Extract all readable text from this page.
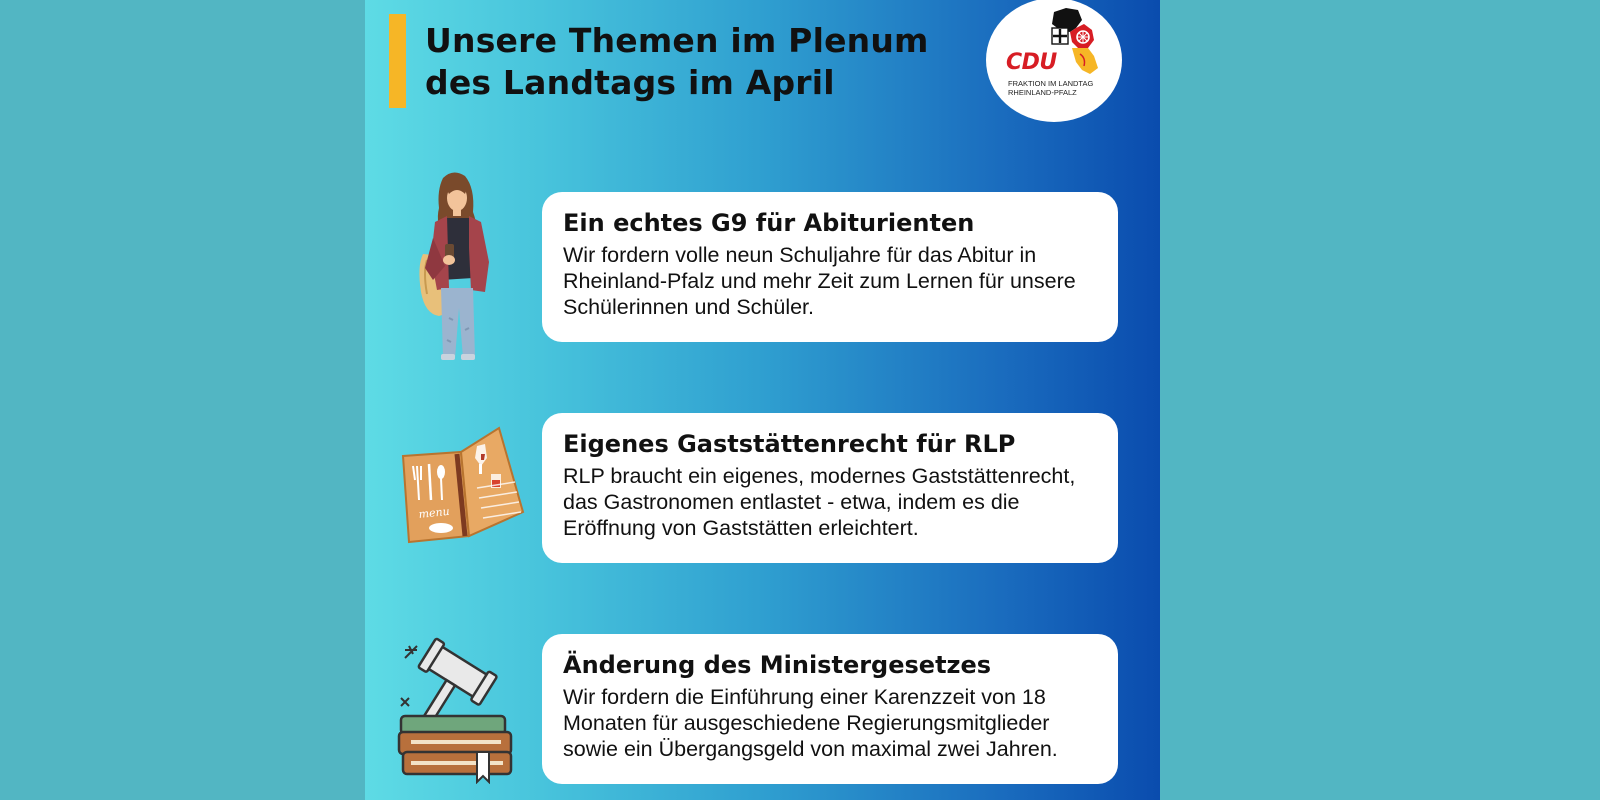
Unsere Themen im Plenum
des Landtags im April
CDU
FRAKTION IM LANDTAG
RHEINLAND-PFALZ
menu
Ein echtes G9 für Abiturienten

Wir fordern volle neun Schuljahre für das Abitur in Rheinland-Pfalz und mehr Zeit zum Lernen für unsere Schülerinnen und Schüler.

Eigenes Gaststättenrecht für RLP

RLP braucht ein eigenes, modernes Gaststättenrecht, das Gastronomen entlastet - etwa, indem es die Eröffnung von Gaststätten erleichtert.

Änderung des Ministergesetzes

Wir fordern die Einführung einer Karenzzeit von 18 Monaten für ausgeschiedene Regierungsmitglieder sowie ein Übergangsgeld von maximal zwei Jahren.
